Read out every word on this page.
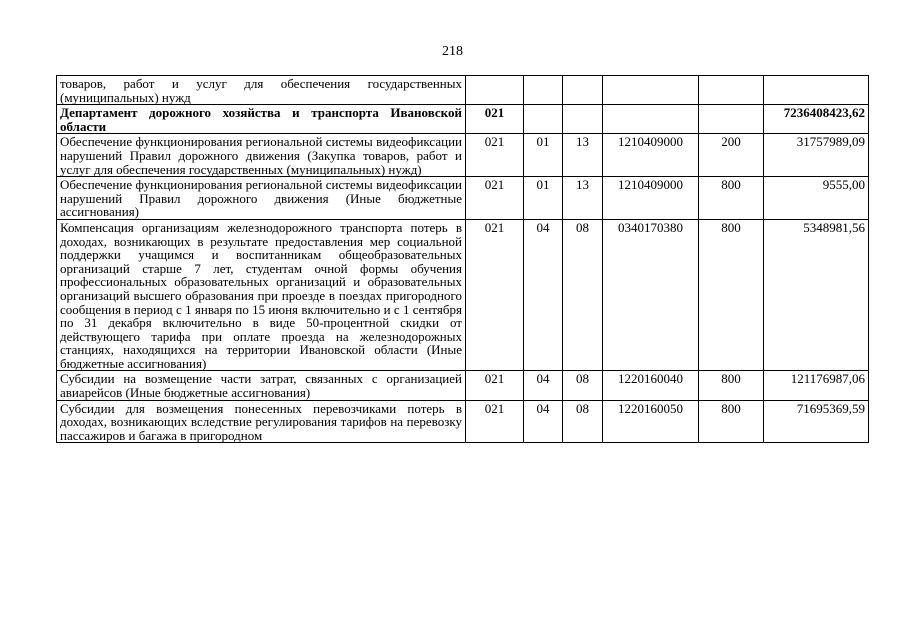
218
товаров, работ и услуг для обеспечения государственных (муниципальных) нужд						
Департамент дорожного хозяйства и транспорта Ивановской области	021					7236408423,62
Обеспечение функционирования региональной системы видеофиксации нарушений Правил дорожного движения (Закупка товаров, работ и услуг для обеспечения государственных (муниципальных) нужд)	021	01	13	1210409000	200	31757989,09
Обеспечение функционирования региональной системы видеофиксации нарушений Правил дорожного движения (Иные бюджетные ассигнования)	021	01	13	1210409000	800	9555,00
Компенсация организациям железнодорожного транспорта потерь в доходах, возникающих в результате предоставления мер социальной поддержки учащимся и воспитанникам общеобразовательных организаций старше 7 лет, студентам очной формы обучения профессиональных образовательных организаций и образовательных организаций высшего образования при проезде в поездах пригородного сообщения в период с 1 января по 15 июня включительно и с 1 сентября по 31 декабря включительно в виде 50-процентной скидки от действующего тарифа при оплате проезда на железнодорожных станциях, находящихся на территории Ивановской области (Иные бюджетные ассигнования)	021	04	08	0340170380	800	5348981,56
Субсидии на возмещение части затрат, связанных с организацией авиарейсов (Иные бюджетные ассигнования)	021	04	08	1220160040	800	121176987,06
Субсидии для возмещения понесенных перевозчиками потерь в доходах, возникающих вследствие регулирования тарифов на перевозку пассажиров и багажа в пригородном	021	04	08	1220160050	800	71695369,59
